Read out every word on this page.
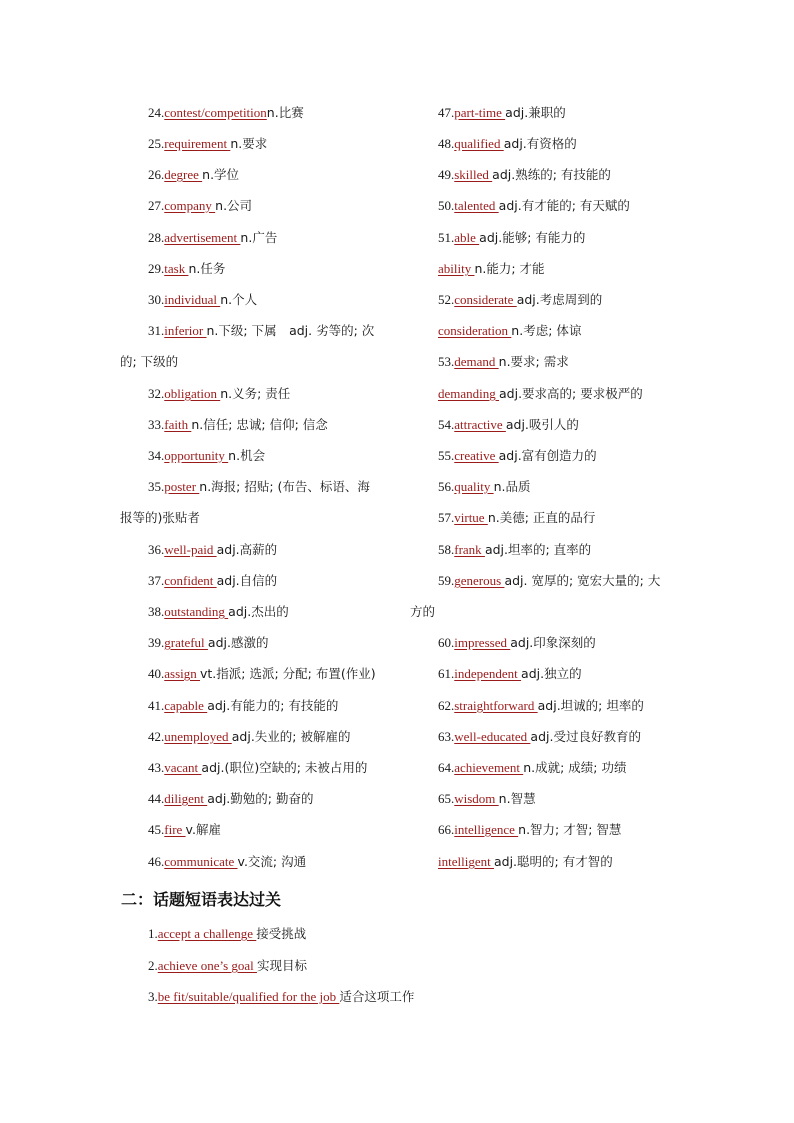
24.contest/competitionn.比赛
25.requirement n.要求
26.degree n.学位
27.company n.公司
28.advertisement n.广告
29.task n.任务
30.individual n.个人
31.inferior n.下级; 下属　adj. 劣等的; 次
的; 下级的
32.obligation n.义务; 责任
33.faith n.信任; 忠诚; 信仰; 信念
34.opportunity n.机会
35.poster n.海报; 招贴; (布告、标语、海
报等的)张贴者
36.well-paid adj.高薪的
37.confident adj.自信的
38.outstanding adj.杰出的
39.grateful adj.感激的
40.assign vt.指派; 选派; 分配; 布置(作业)
41.capable adj.有能力的; 有技能的
42.unemployed adj.失业的; 被解雇的
43.vacant adj.(职位)空缺的; 未被占用的
44.diligent adj.勤勉的; 勤奋的
45.fire v.解雇
46.communicate v.交流; 沟通
47.part-time adj.兼职的
48.qualified adj.有资格的
49.skilled adj.熟练的; 有技能的
50.talented adj.有才能的; 有天赋的
51.able adj.能够; 有能力的
ability n.能力; 才能
52.considerate adj.考虑周到的
consideration n.考虑; 体谅
53.demand n.要求; 需求
demanding adj.要求高的; 要求极严的
54.attractive adj.吸引人的
55.creative adj.富有创造力的
56.quality n.品质
57.virtue n.美德; 正直的品行
58.frank adj.坦率的; 直率的
59.generous adj. 宽厚的; 宽宏大量的; 大
方的
60.impressed adj.印象深刻的
61.independent adj.独立的
62.straightforward adj.坦诚的; 坦率的
63.well-educated adj.受过良好教育的
64.achievement n.成就; 成绩; 功绩
65.wisdom n.智慧
66.intelligence n.智力; 才智; 智慧
intelligent adj.聪明的; 有才智的
二：话题短语表达过关
1.accept a challenge 接受挑战
2.achieve one’s goal 实现目标
3.be fit/suitable/qualified for the job 适合这项工作
